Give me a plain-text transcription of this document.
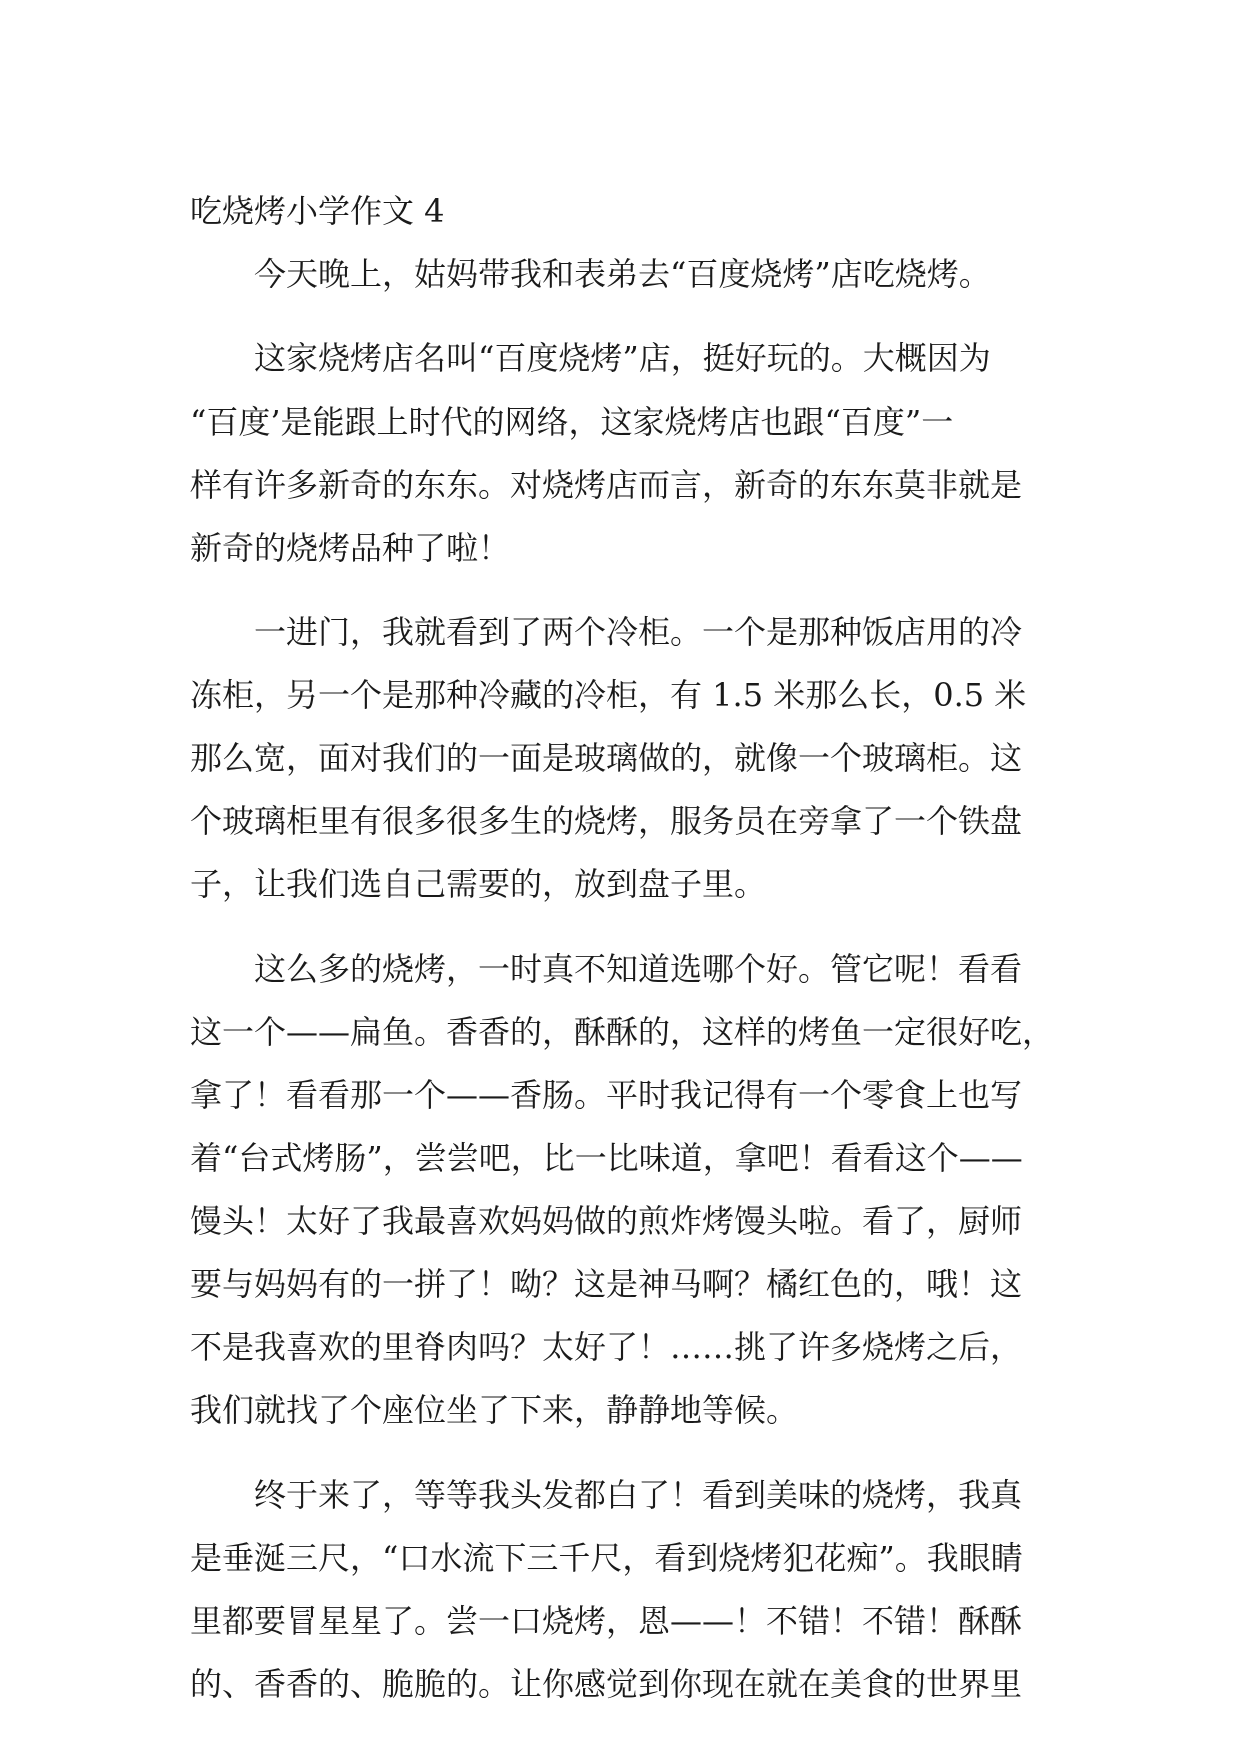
吃烧烤小学作文 4

今天晚上，姑妈带我和表弟去“百度烧烤”店吃烧烤。

这家烧烤店名叫“百度烧烤”店，挺好玩的。大概因为

“百度’是能跟上时代的网络，这家烧烤店也跟“百度”一

样有许多新奇的东东。对烧烤店而言，新奇的东东莫非就是

新奇的烧烤品种了啦！

一进门，我就看到了两个冷柜。一个是那种饭店用的冷

冻柜，另一个是那种冷藏的冷柜，有 1.5 米那么长，0.5 米

那么宽，面对我们的一面是玻璃做的，就像一个玻璃柜。这

个玻璃柜里有很多很多生的烧烤，服务员在旁拿了一个铁盘

子，让我们选自己需要的，放到盘子里。

这么多的烧烤，一时真不知道选哪个好。管它呢！看看

这一个——扁鱼。香香的，酥酥的，这样的烤鱼一定很好吃，

拿了！看看那一个——香肠。平时我记得有一个零食上也写

着“台式烤肠”，尝尝吧，比一比味道，拿吧！看看这个——

馒头！太好了我最喜欢妈妈做的煎炸烤馒头啦。看了，厨师

要与妈妈有的一拼了！呦？这是神马啊？橘红色的，哦！这

不是我喜欢的里脊肉吗？太好了！……挑了许多烧烤之后，

我们就找了个座位坐了下来，静静地等候。

终于来了，等等我头发都白了！看到美味的烧烤，我真

是垂涎三尺，“口水流下三千尺，看到烧烤犯花痴”。我眼睛

里都要冒星星了。尝一口烧烤，恩——！不错！不错！酥酥

的、香香的、脆脆的。让你感觉到你现在就在美食的世界里
